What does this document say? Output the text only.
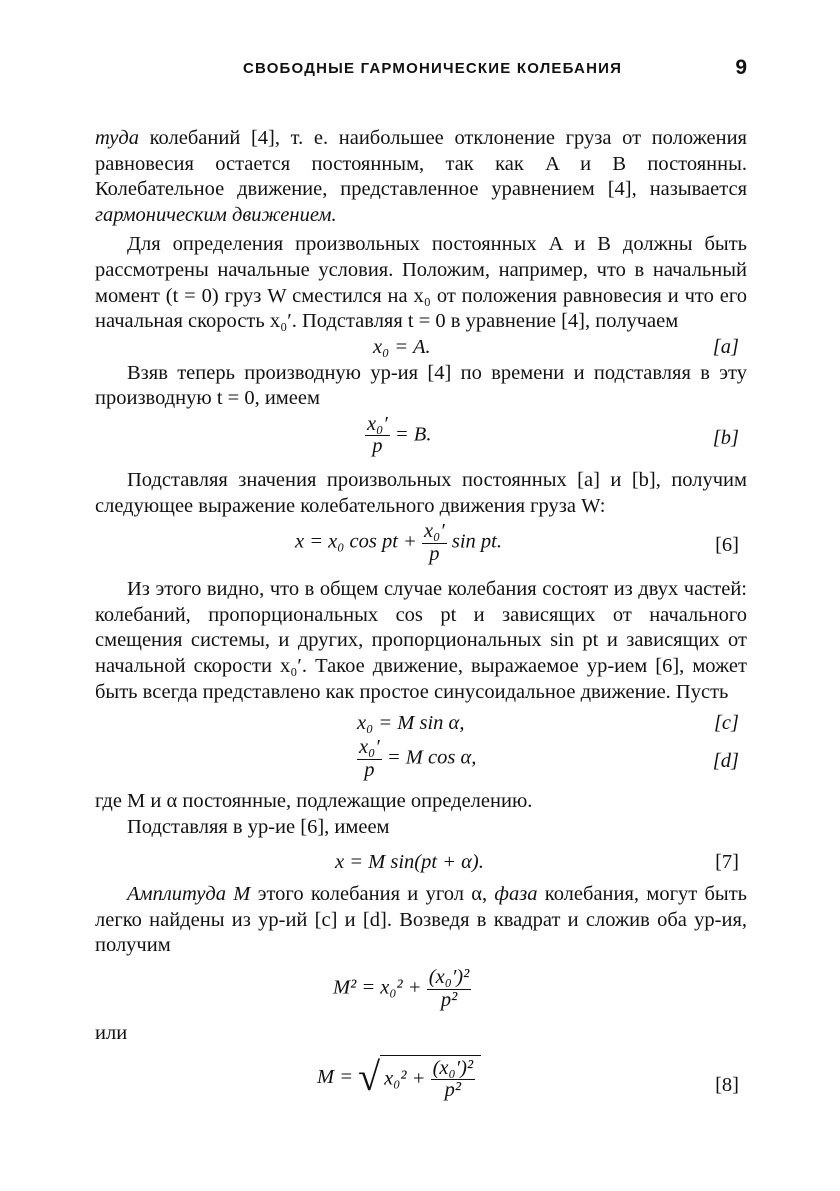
СВОБОДНЫЕ ГАРМОНИЧЕСКИЕ КОЛЕБАНИЯ	9

туда колебаний [4], т. е. наибольшее отклонение груза от положения равновесия остается постоянным, так как A и B постоянны. Колебательное движение, представленное уравнением [4], называется гармоническим движением.

Для определения произвольных постоянных A и B должны быть рассмотрены начальные условия. Положим, например, что в начальный момент (t = 0) груз W сместился на x₀ от положения равновесия и что его начальная скорость x₀′. Подставляя t = 0 в уравнение [4], получаем

x₀ = A.	[a]

Взяв теперь производную ур-ия [4] по времени и подставляя в эту производную t = 0, имеем

$\frac{\text{x₀′}}{p} = B$.	[b]

Подставляя значения произвольных постоянных [a] и [b], получим следующее выражение колебательного движения груза W:

x = x₀ cos pt + $\frac{\text{x₀′}}{p}$ sin pt.	[6]

Из этого видно, что в общем случае колебания состоят из двух частей: колебаний, пропорциональных cos pt и зависящих от начального смещения системы, и других, пропорциональных sin pt и зависящих от начальной скорости x₀′. Такое движение, выражаемое ур-ием [6], может быть всегда представлено как простое синусоидальное движение. Пусть

x₀ = M sin α,	[c]
$\frac{\text{x₀′}}{p} = M$ cos α,	[d]

где M и α постоянные, подлежащие определению.

Подставляя в ур-ие [6], имеем

x = M sin(pt + α).	[7]

Амплитуда M этого колебания и угол α, фаза колебания, могут быть легко найдены из ур-ий [c] и [d]. Возведя в квадрат и сложив оба ур-ия, получим

$M^2 = x_0^2 + \frac{\text{(x₀′)²}}{\text{p²}}$

или

M = √ $x_0^2 + \frac{\text{(x₀′)²}}{\text{p²}}$	[8]
